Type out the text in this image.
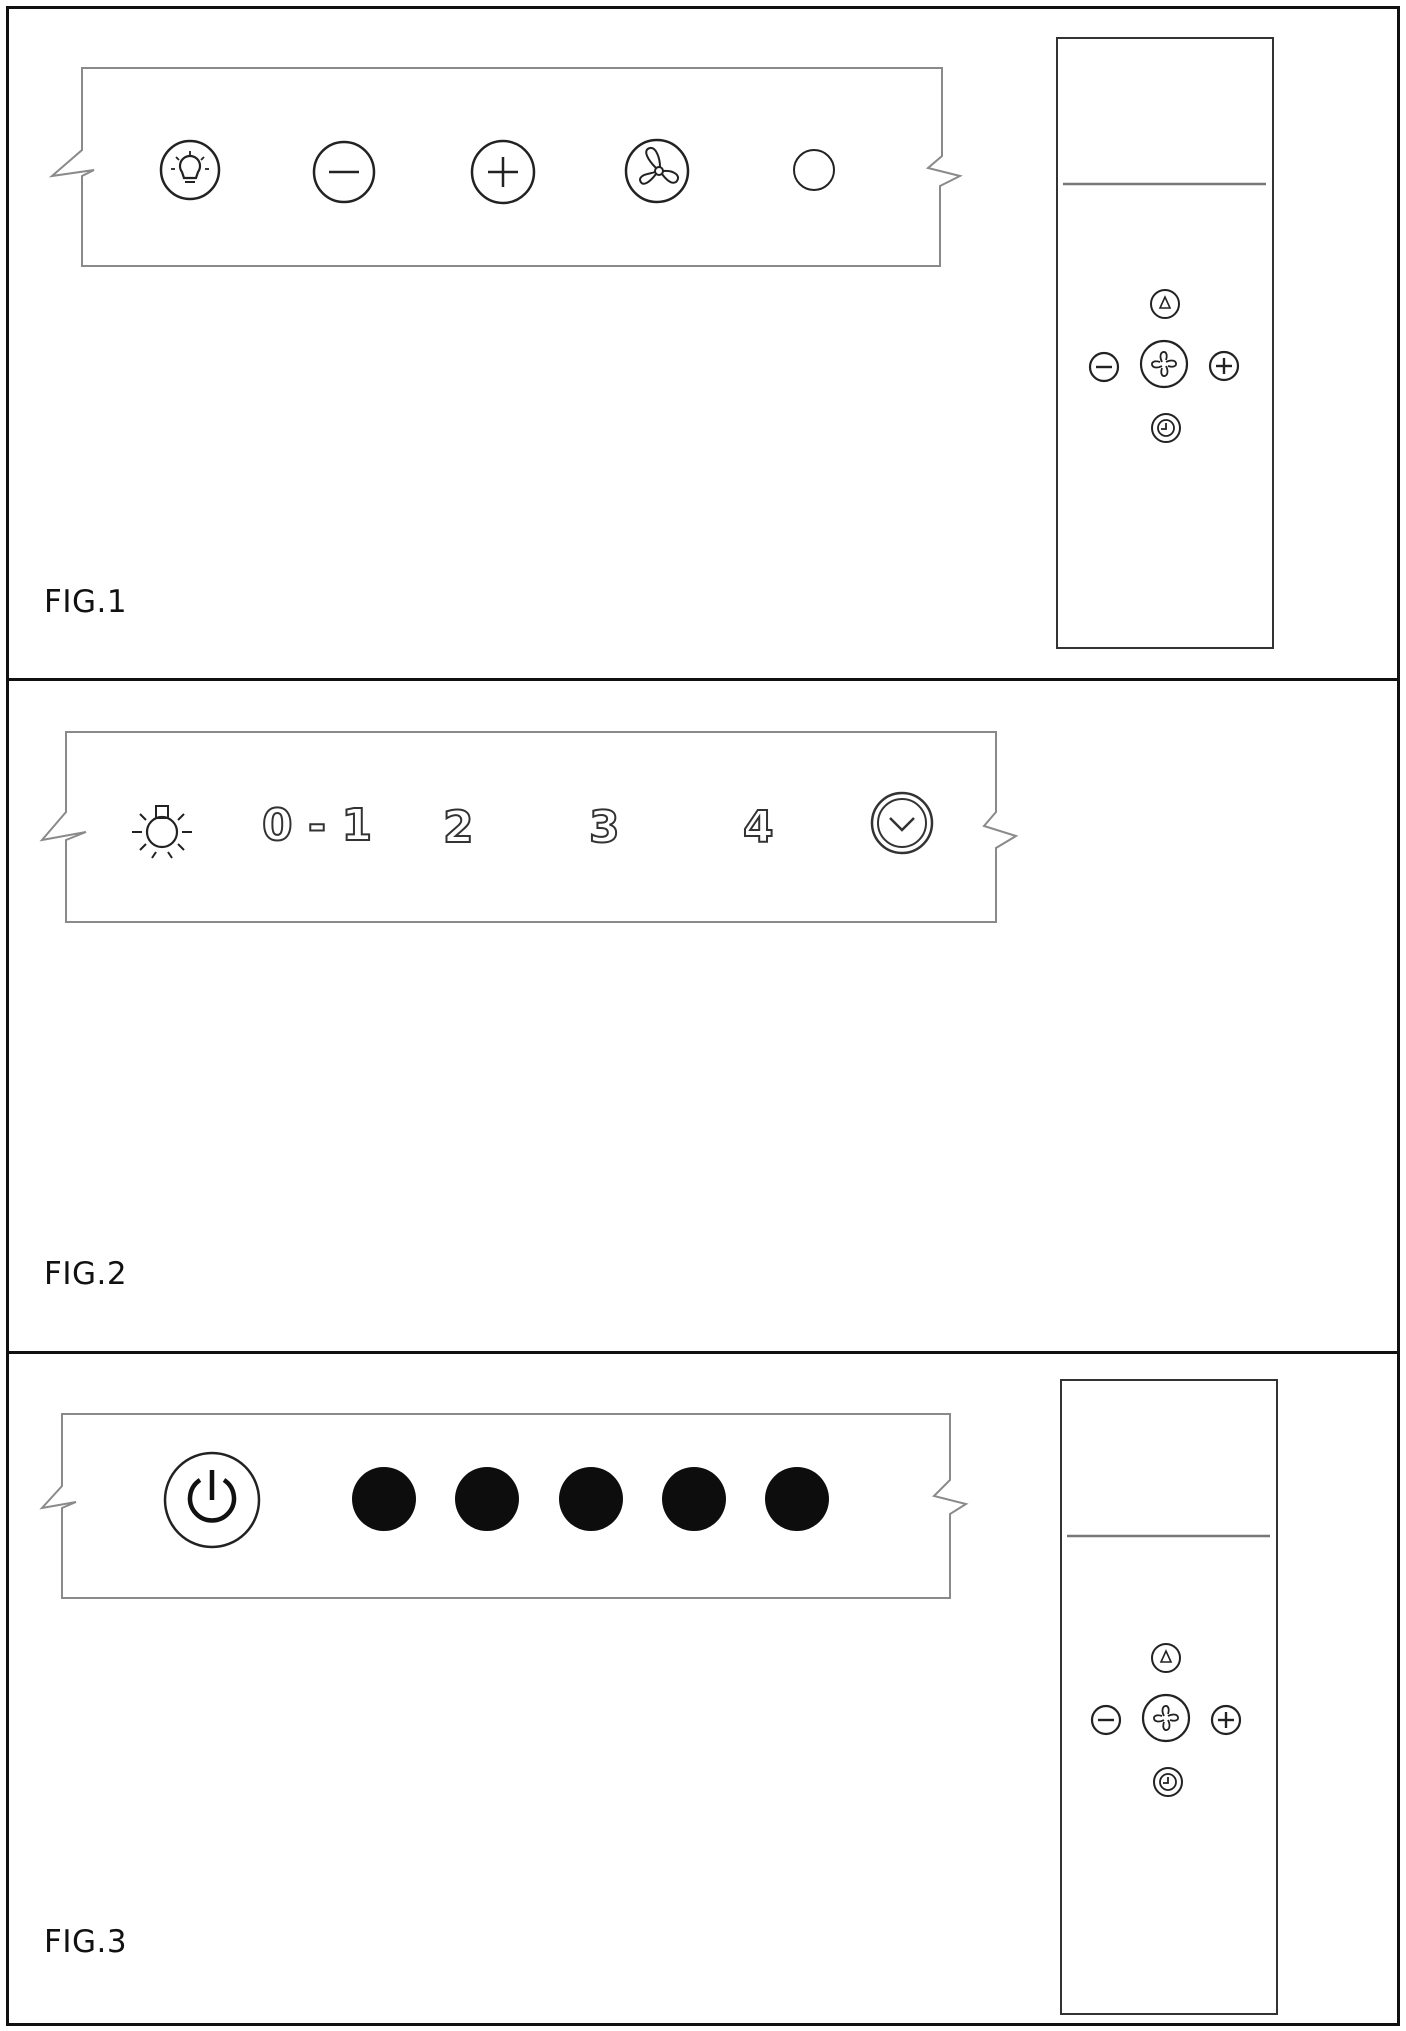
FIG.1
0 - 1 2	3	4
FIG.2
FIG.3
